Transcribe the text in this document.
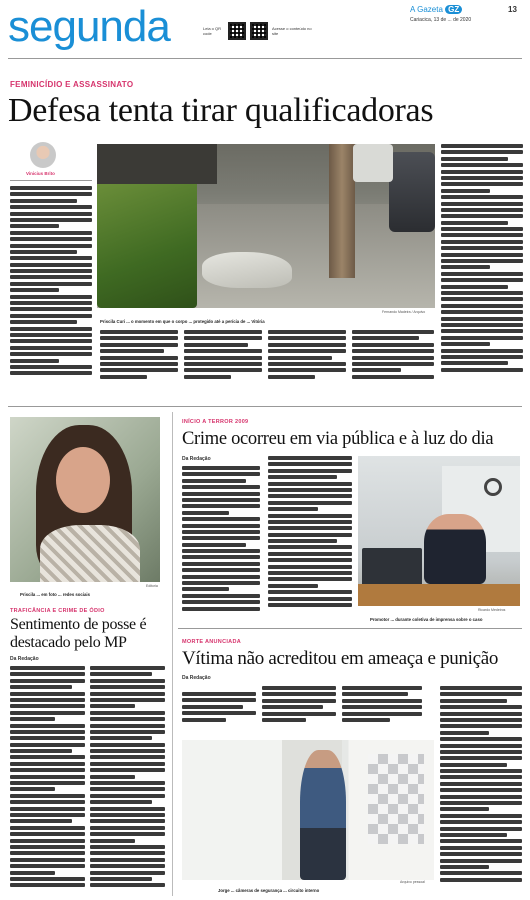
segunda	Leia o QR code
Acesse o conteúdo no site
A Gazeta GZ
Cariacica, 13 de ... de 2020
13
FEMINICÍDIO E ASSASSINATO
Defesa tenta tirar qualificadoras
Vinicius Brito
Fernando Madeira / Arquivo
Priscila Curi ... o momento em que o corpo ... protegido até a perícia de ... Vitória
Editoria
Priscila ... em foto ... redes sociais
TRAFICÂNCIA E CRIME DE ÓDIO
Sentimento de posse é destacado pelo MP
Da Redação
INÍCIO A TERROR 2009
Crime ocorreu em via pública e à luz do dia
Da Redação
Ricardo Medeiros
Promotor ... durante coletiva de imprensa sobre o caso
MORTE ANUNCIADA
Vítima não acreditou em ameaça e punição
Da Redação
Arquivo pessoal
Jorge ... câmeras de segurança ... circuito interno
